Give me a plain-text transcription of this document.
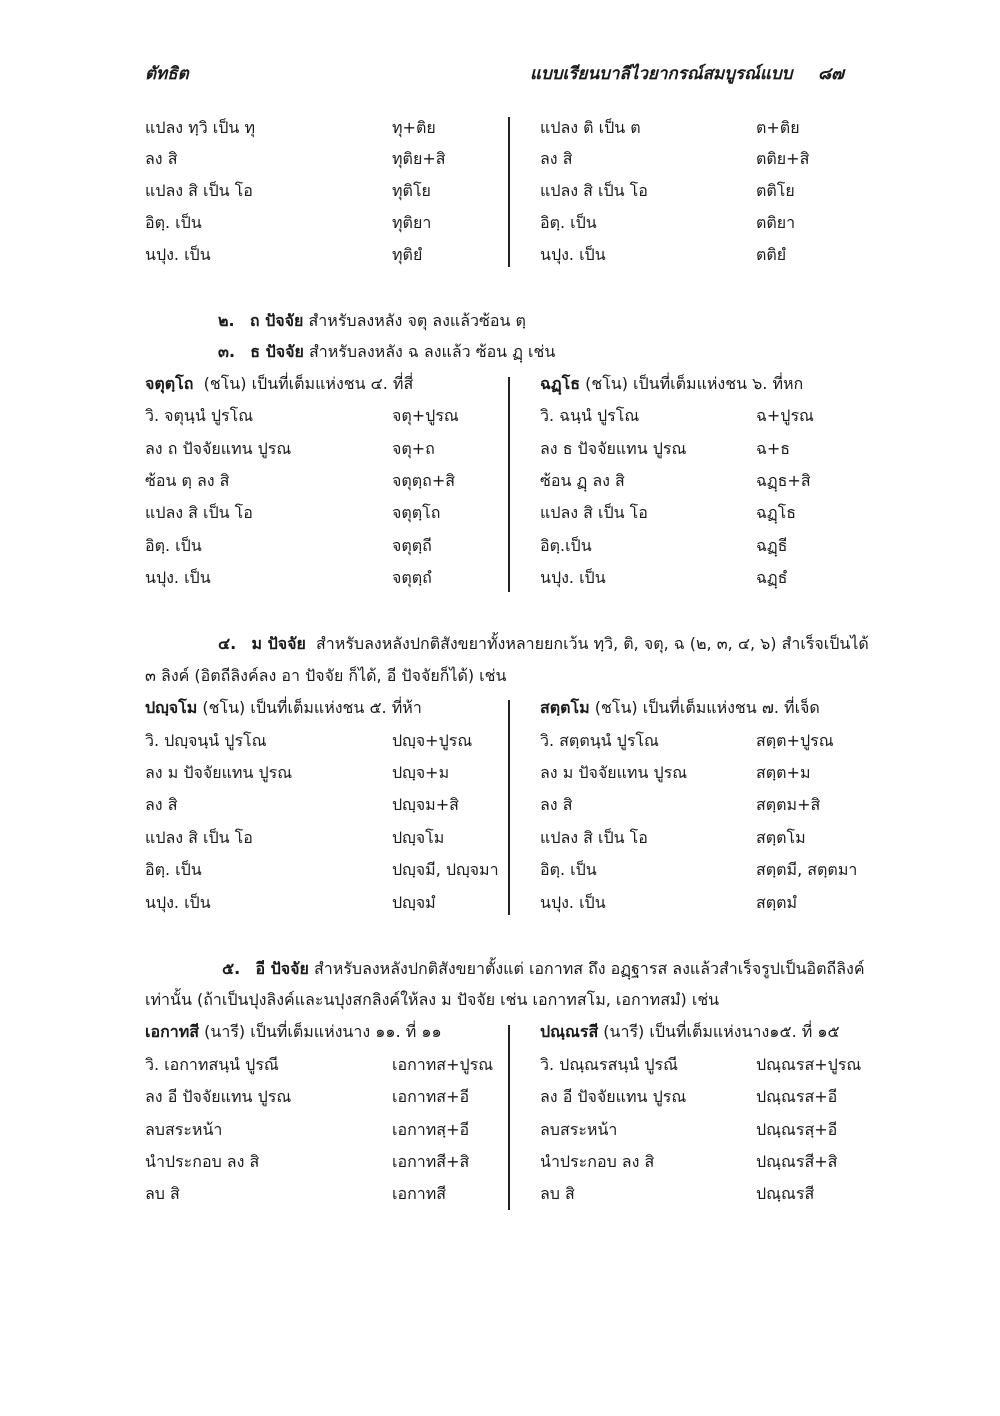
ตัทธิต	แบบเรียนบาลีไวยากรณ์สมบูรณ์แบบ ๘๗
แปลง ทฺวิ เป็น ทุ	ทุ+ติย
ลง สิ	ทุติย+สิ
แปลง สิ เป็น โอ	ทุติโย
อิตฺ. เป็น	ทุติยา
นปุง. เป็น	ทุติยํ
แปลง ติ เป็น ต	ต+ติย
ลง สิ	ตติย+สิ
แปลง สิ เป็น โอ	ตติโย
อิตฺ. เป็น	ตติยา
นปุง. เป็น	ตติยํ
๒. ถ ปัจจัย สำหรับลงหลัง จตุ ลงแล้วซ้อน ตฺ
๓. ธ ปัจจัย สำหรับลงหลัง ฉ ลงแล้ว ซ้อน ฏฺ เช่น
จตุตฺโถ (ชโน) เป็นที่เต็มแห่งชน ๔. ที่สี่	ฉฏฺโธ (ชโน) เป็นที่เต็มแห่งชน ๖. ที่หก
วิ. จตุนฺนํ ปูรโณ	จตุ+ปูรณ
ลง ถ ปัจจัยแทน ปูรณ	จตุ+ถ
ซ้อน ตฺ ลง สิ	จตุตฺถ+สิ
แปลง สิ เป็น โอ	จตุตฺโถ
อิตฺ. เป็น	จตุตฺถี
นปุง. เป็น	จตุตฺถํ
วิ. ฉนฺนํ ปูรโณ	ฉ+ปูรณ
ลง ธ ปัจจัยแทน ปูรณ	ฉ+ธ
ซ้อน ฏฺ ลง สิ	ฉฏฺธ+สิ
แปลง สิ เป็น โอ	ฉฏฺโธ
อิตฺ.เป็น	ฉฏฺธี
นปุง. เป็น	ฉฏฺธํ
๔. ม ปัจจัย สำหรับลงหลังปกติสังขยาทั้งหลายยกเว้น ทฺวิ, ติ, จตุ, ฉ (๒, ๓, ๔, ๖) สำเร็จเป็นได้
๓ ลิงค์ (อิตถีลิงค์ลง อา ปัจจัย ก็ได้, อี ปัจจัยก็ได้) เช่น
ปญฺจโม (ชโน) เป็นที่เต็มแห่งชน ๕. ที่ห้า	สตฺตโม (ชโน) เป็นที่เต็มแห่งชน ๗. ที่เจ็ด
วิ. ปญฺจนฺนํ ปูรโณ	ปญฺจ+ปูรณ
ลง ม ปัจจัยแทน ปูรณ	ปญฺจ+ม
ลง สิ	ปญฺจม+สิ
แปลง สิ เป็น โอ	ปญฺจโม
อิตฺ. เป็น	ปญฺจมี, ปญฺจมา
นปุง. เป็น	ปญฺจมํ
วิ. สตฺตนฺนํ ปูรโณ	สตฺต+ปูรณ
ลง ม ปัจจัยแทน ปูรณ	สตฺต+ม
ลง สิ	สตฺตม+สิ
แปลง สิ เป็น โอ	สตฺตโม
อิตฺ. เป็น	สตฺตมี, สตฺตมา
นปุง. เป็น	สตฺตมํ
๕. อี ปัจจัย สำหรับลงหลังปกติสังขยาตั้งแต่ เอกาทส ถึง อฏฺฐารส ลงแล้วสำเร็จรูปเป็นอิตถีลิงค์
เท่านั้น (ถ้าเป็นปุงลิงค์และนปุงสกลิงค์ให้ลง ม ปัจจัย เช่น เอกาทสโม, เอกาทสมํ) เช่น
เอกาทสี (นารี) เป็นที่เต็มแห่งนาง ๑๑. ที่ ๑๑	ปณฺณรสี (นารี) เป็นที่เต็มแห่งนาง๑๕. ที่ ๑๕
วิ. เอกาทสนฺนํ ปูรณี	เอกาทส+ปูรณ
ลง อี ปัจจัยแทน ปูรณ	เอกาทส+อี
ลบสระหน้า	เอกาทสฺ+อี
นำประกอบ ลง สิ	เอกาทสี+สิ
ลบ สิ	เอกาทสี
วิ. ปณฺณรสนฺนํ ปูรณี	ปณฺณรส+ปูรณ
ลง อี ปัจจัยแทน ปูรณ	ปณฺณรส+อี
ลบสระหน้า	ปณฺณรสฺ+อี
นำประกอบ ลง สิ	ปณฺณรสี+สิ
ลบ สิ	ปณฺณรสี
